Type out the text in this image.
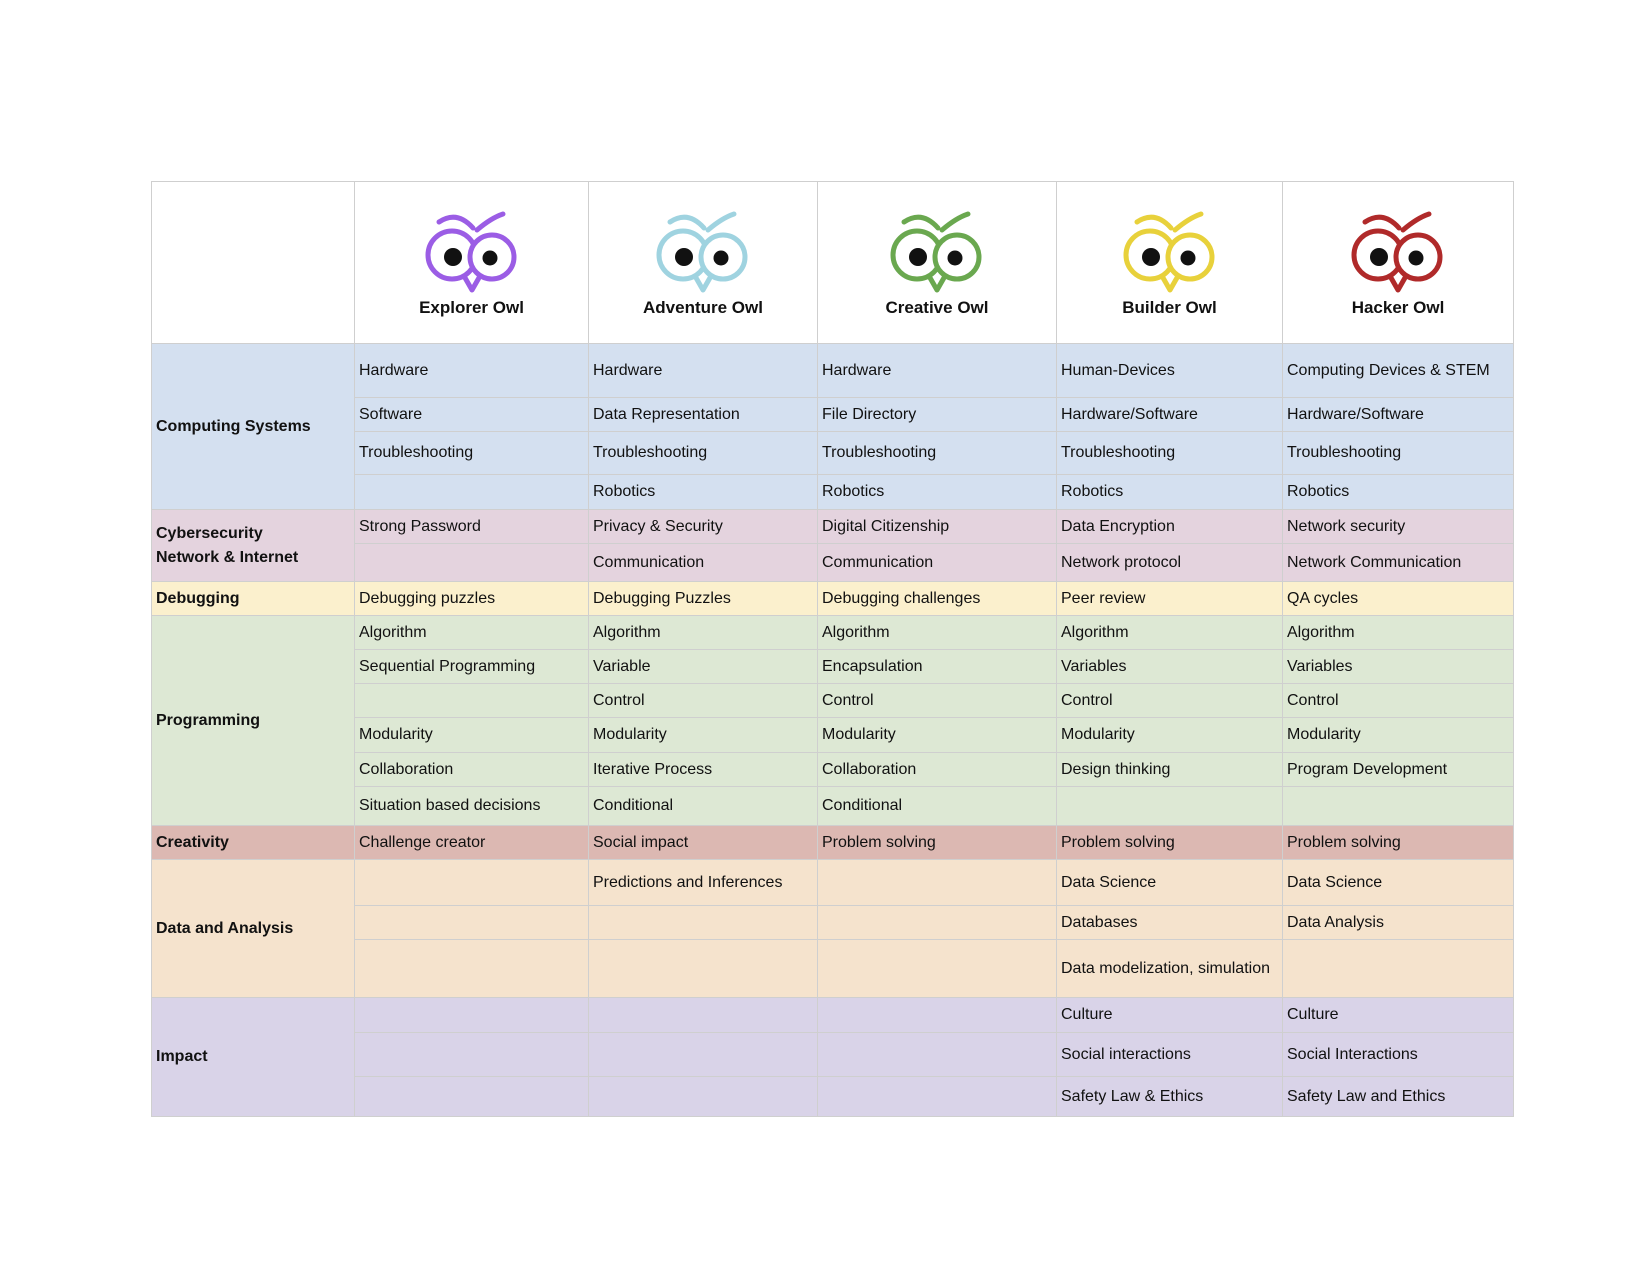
	Explorer Owl	Adventure Owl	Creative Owl	Builder Owl	Hacker Owl

Computing Systems	Hardware	Hardware	Hardware	Human-Devices	Computing Devices & STEM
	Software	Data Representation	File Directory	Hardware/Software	Hardware/Software
	Troubleshooting	Troubleshooting	Troubleshooting	Troubleshooting	Troubleshooting
		Robotics	Robotics	Robotics	Robotics
Cybersecurity
Network & Internet	Strong Password	Privacy & Security	Digital Citizenship	Data Encryption	Network security
		Communication	Communication	Network protocol	Network Communication
Debugging	Debugging puzzles	Debugging Puzzles	Debugging challenges	Peer review	QA cycles
Programming	Algorithm	Algorithm	Algorithm	Algorithm	Algorithm
	Sequential Programming	Variable	Encapsulation	Variables	Variables
		Control	Control	Control	Control
	Modularity	Modularity	Modularity	Modularity	Modularity
	Collaboration	Iterative Process	Collaboration	Design thinking	Program Development
	Situation based decisions	Conditional	Conditional		
Creativity	Challenge creator	Social impact	Problem solving	Problem solving	Problem solving
Data and Analysis		Predictions and Inferences		Data Science	Data Science
				Databases	Data Analysis
				Data modelization, simulation	
Impact				Culture	Culture
				Social interactions	Social Interactions
				Safety Law & Ethics	Safety Law and Ethics
